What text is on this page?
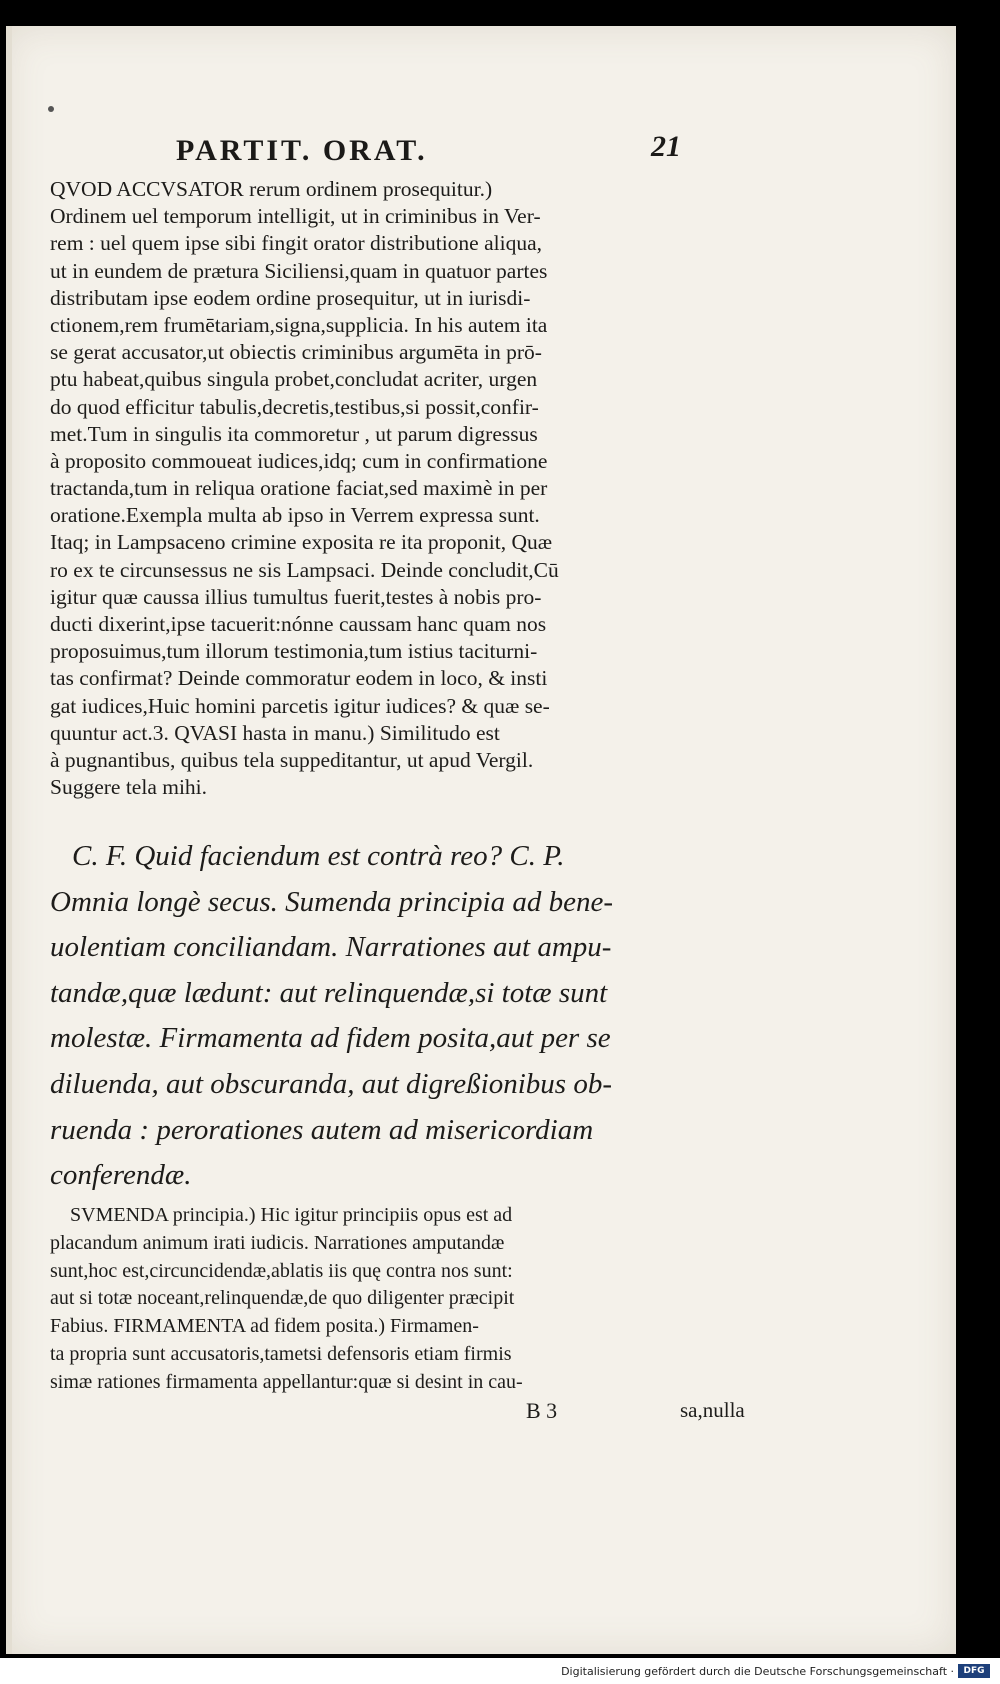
PARTIT. ORAT.	21
QVOD ACCVSATOR rerum ordinem prosequitur.)
Ordinem uel temporum intelligit, ut in criminibus in Ver-
rem : uel quem ipse sibi fingit orator distributione aliqua,
ut in eundem de prætura Siciliensi,quam in quatuor partes
distributam ipse eodem ordine prosequitur, ut in iurisdi-
ctionem,rem frumētariam,signa,supplicia. In his autem ita
se gerat accusator,ut obiectis criminibus argumēta in prō-
ptu habeat,quibus singula probet,concludat acriter, urgen
do quod efficitur tabulis,decretis,testibus,si possit,confir-
met.Tum in singulis ita commoretur , ut parum digressus
à proposito commoueat iudices,idq; cum in confirmatione
tractanda,tum in reliqua oratione faciat,sed maximè in per
oratione.Exempla multa ab ipso in Verrem expressa sunt.
Itaq; in Lampsaceno crimine exposita re ita proponit, Quæ
ro ex te circunsessus ne sis Lampsaci. Deinde concludit,Cū
igitur quæ caussa illius tumultus fuerit,testes à nobis pro-
ducti dixerint,ipse tacuerit:nónne caussam hanc quam nos
proposuimus,tum illorum testimonia,tum istius taciturni-
tas confirmat? Deinde commoratur eodem in loco, & insti
gat iudices,Huic homini parcetis igitur iudices? & quæ se-
quuntur act.3. QVASI hasta in manu.) Similitudo est
à pugnantibus, quibus tela suppeditantur, ut apud Vergil.
Suggere tela mihi.
C. F. Quid faciendum est contrà reo? C. P.
Omnia longè secus. Sumenda principia ad bene-
uolentiam conciliandam. Narrationes aut ampu-
tandæ,quæ lædunt: aut relinquendæ,si totæ sunt
molestæ. Firmamenta ad fidem posita,aut per se
diluenda, aut obscuranda, aut digreßionibus ob-
ruenda : perorationes autem ad misericordiam
conferendæ.
SVMENDA principia.) Hic igitur principiis opus est ad
placandum animum irati iudicis. Narrationes amputandæ
sunt,hoc est,circuncidendæ,ablatis iis quę contra nos sunt:
aut si totæ noceant,relinquendæ,de quo diligenter præcipit
Fabius. FIRMAMENTA ad fidem posita.) Firmamen-
ta propria sunt accusatoris,tametsi defensoris etiam firmis
simæ rationes firmamenta appellantur:quæ si desint in cau-
B 3	sa,nulla
Digitalisierung gefördert durch die Deutsche Forschungsgemeinschaft ·	DFG
